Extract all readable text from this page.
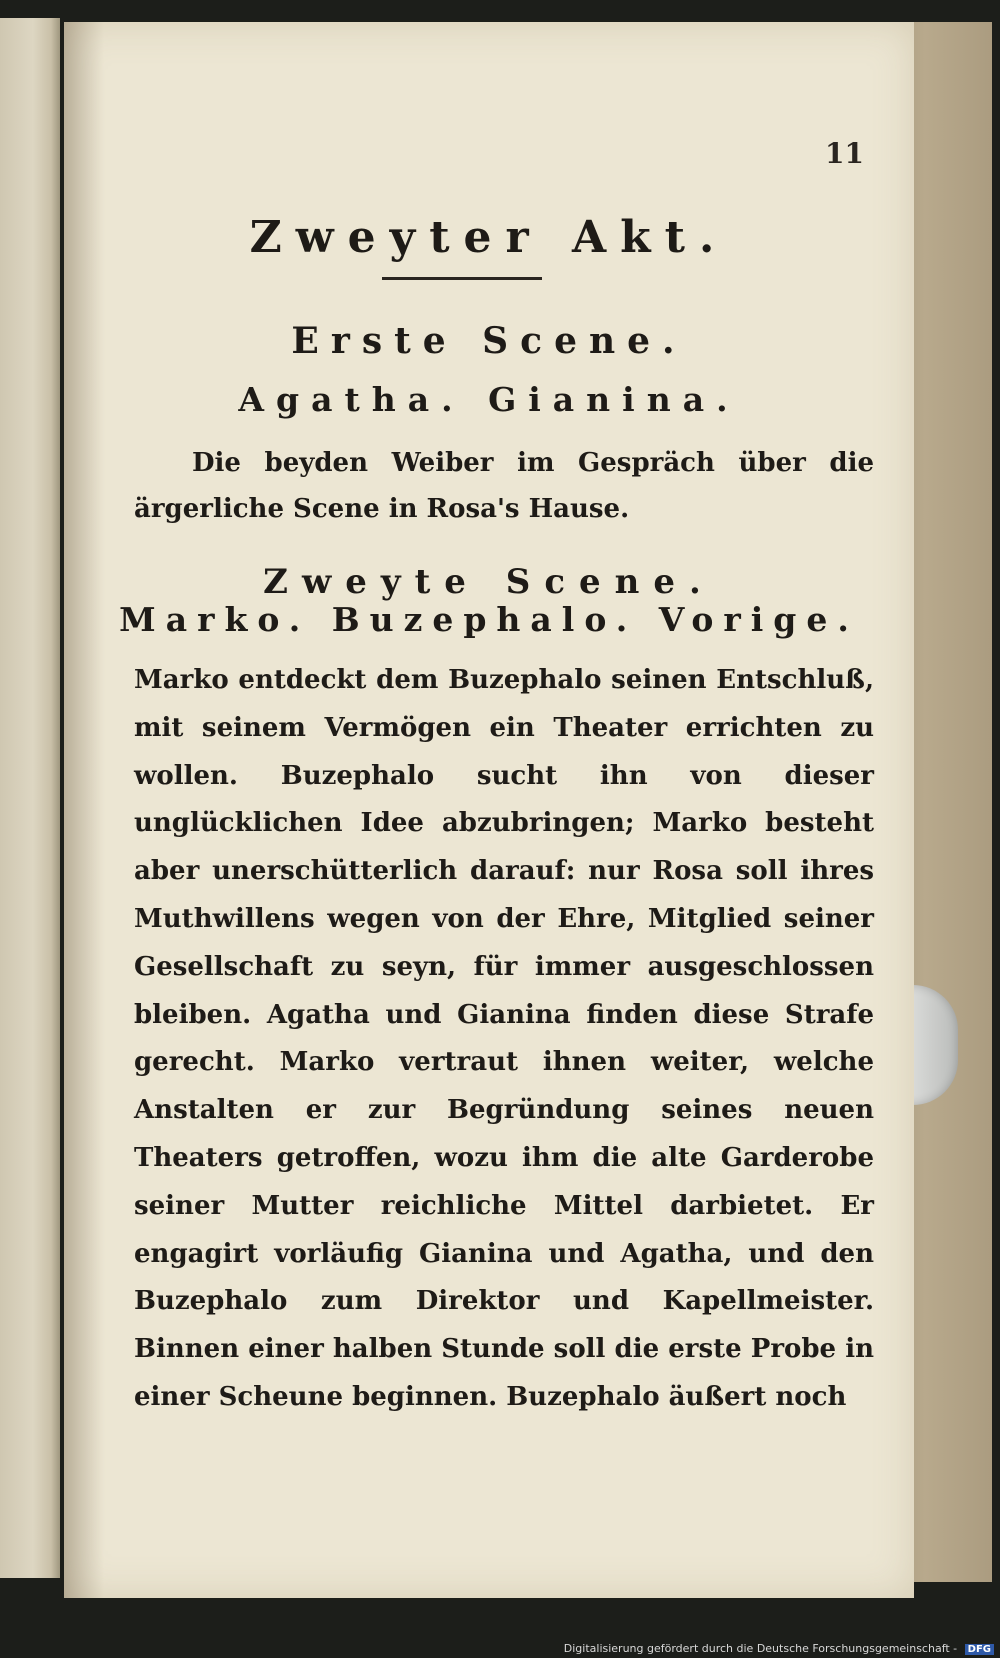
11
Zweyter Akt.
Erste Scene.
Agatha. Gianina.

Die beyden Weiber im Gespräch über die ärgerliche Scene in Rosa's Hause.

Zweyte Scene.
Marko. Buzephalo. Vorige.

Marko entdeckt dem Buzephalo seinen Entschluß, mit seinem Vermögen ein Theater errichten zu wollen. Buzephalo sucht ihn von dieser unglücklichen Idee abzubringen; Marko besteht aber unerschütterlich darauf: nur Rosa soll ihres Muthwillens wegen von der Ehre, Mitglied seiner Gesellschaft zu seyn, für immer ausgeschlossen bleiben. Agatha und Gianina finden diese Strafe gerecht. Marko vertraut ihnen weiter, welche Anstalten er zur Begründung seines neuen Theaters getroffen, wozu ihm die alte Garderobe seiner Mutter reichliche Mittel darbietet. Er engagirt vorläufig Gianina und Agatha, und den Buzephalo zum Direktor und Kapellmeister. Binnen einer halben Stunde soll die erste Probe in einer Scheune beginnen. Buzephalo äußert noch

Digitalisierung gefördert durch die Deutsche Forschungsgemeinschaft - DFG
